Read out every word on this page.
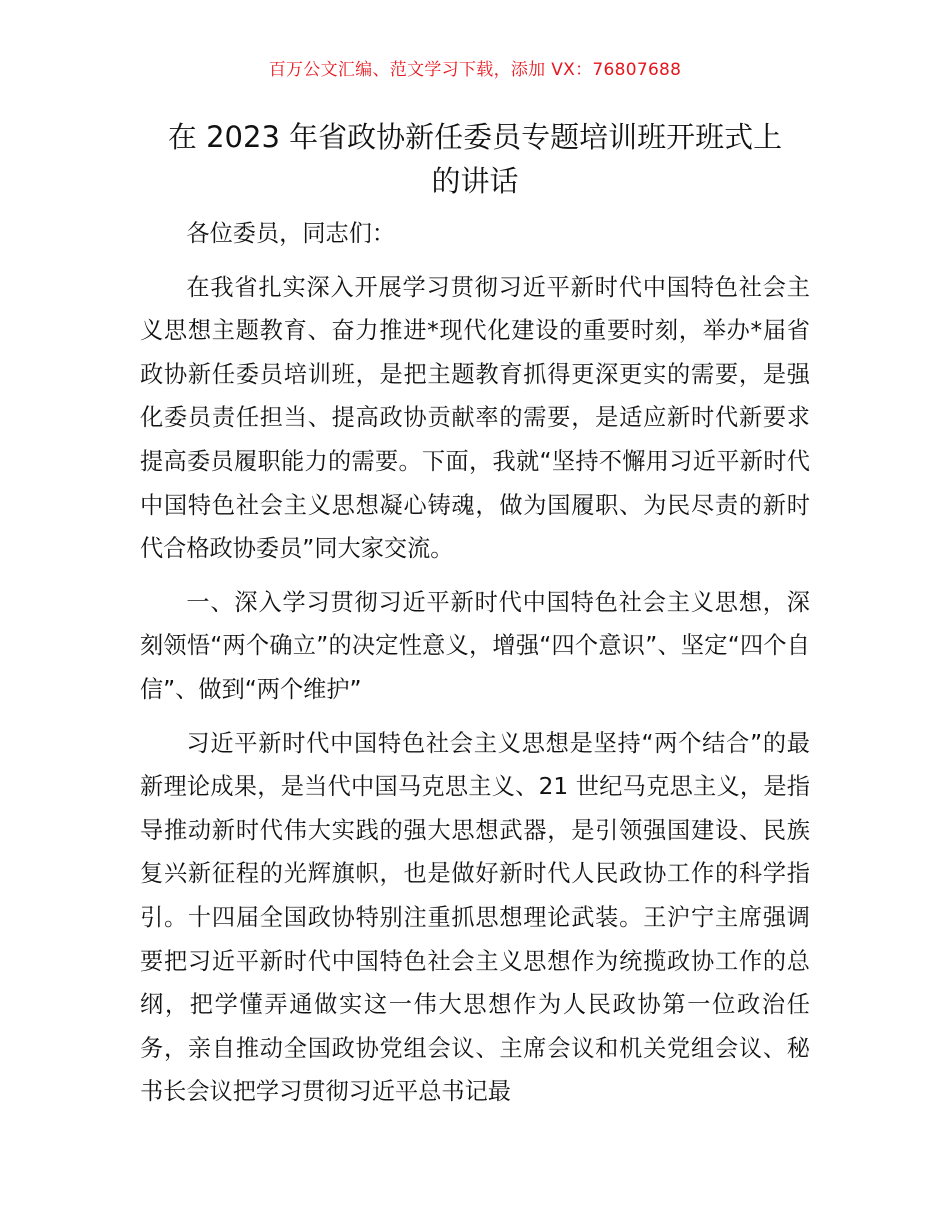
百万公文汇编、范文学习下载，添加 VX：76807688
在 2023 年省政协新任委员专题培训班开班式上
的讲话

各位委员，同志们：

在我省扎实深入开展学习贯彻习近平新时代中国特色社会主义思想主题教育、奋力推进*现代化建设的重要时刻，举办*届省政协新任委员培训班，是把主题教育抓得更深更实的需要，是强化委员责任担当、提高政协贡献率的需要，是适应新时代新要求提高委员履职能力的需要。下面，我就“坚持不懈用习近平新时代中国特色社会主义思想凝心铸魂，做为国履职、为民尽责的新时代合格政协委员”同大家交流。

一、深入学习贯彻习近平新时代中国特色社会主义思想，深刻领悟“两个确立”的决定性意义，增强“四个意识”、坚定“四个自信”、做到“两个维护”

习近平新时代中国特色社会主义思想是坚持“两个结合”的最新理论成果，是当代中国马克思主义、21 世纪马克思主义，是指导推动新时代伟大实践的强大思想武器，是引领强国建设、民族复兴新征程的光辉旗帜，也是做好新时代人民政协工作的科学指引。十四届全国政协特别注重抓思想理论武装。王沪宁主席强调要把习近平新时代中国特色社会主义思想作为统揽政协工作的总纲，把学懂弄通做实这一伟大思想作为人民政协第一位政治任务，亲自推动全国政协党组会议、主席会议和机关党组会议、秘书长会议把学习贯彻习近平总书记最
